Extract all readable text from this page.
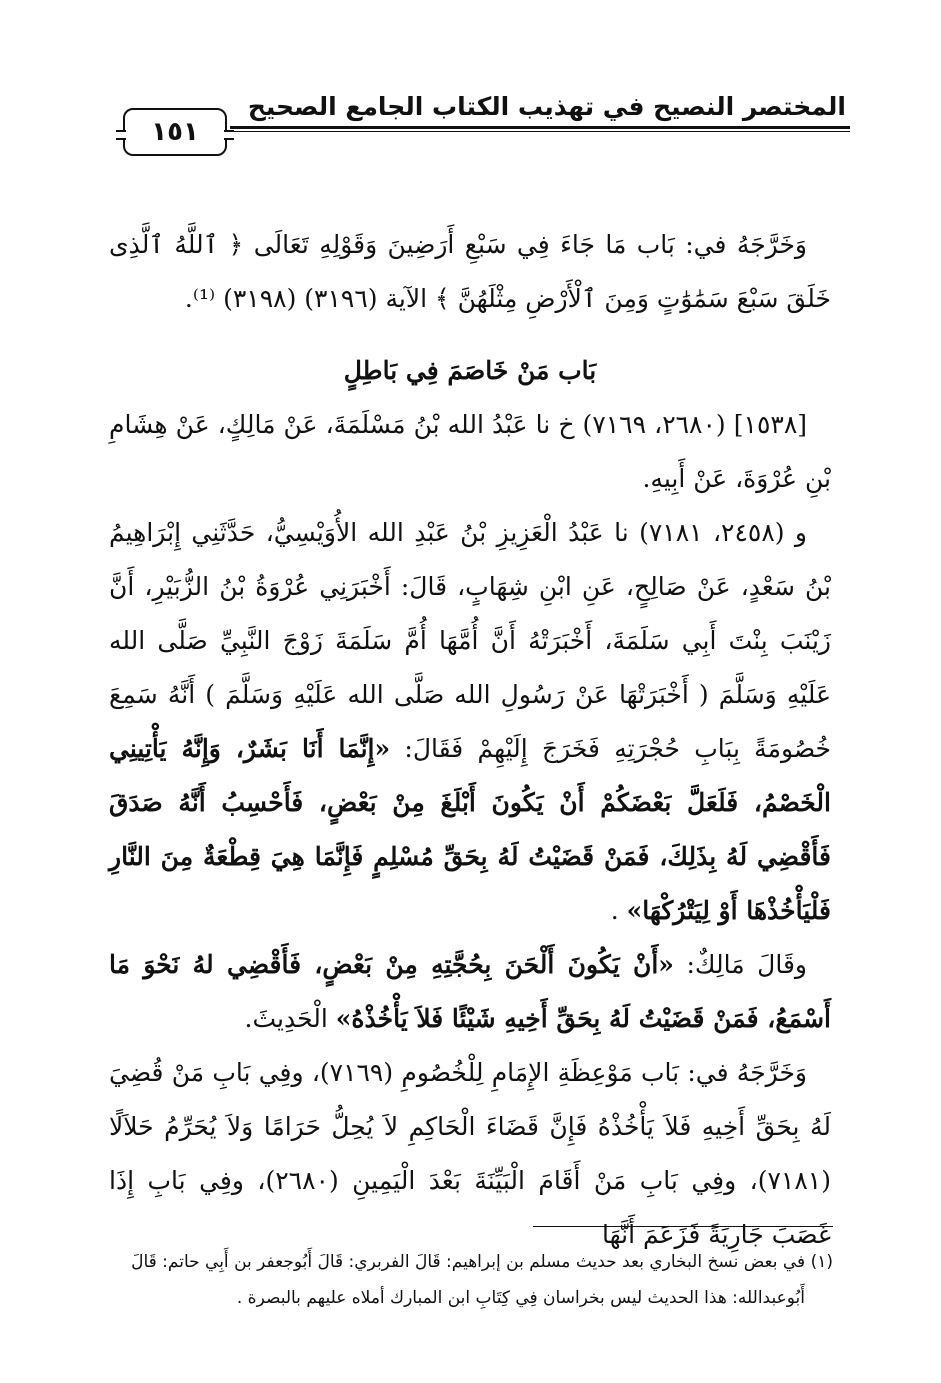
المختصر النصيح في تهذيب الكتاب الجامع الصحيح
١٥١

وَخَرَّجَهُ في: بَاب مَا جَاءَ فِي سَبْعِ أَرَضِينَ وَقَوْلِهِ تَعَالَى ﴿ ٱللَّهُ ٱلَّذِى خَلَقَ سَبْعَ سَمَٰوَٰتٍ وَمِنَ ٱلْأَرْضِ مِثْلَهُنَّ ﴾ الآية (٣١٩٦) (٣١٩٨) ⁽¹⁾.

بَاب مَنْ خَاصَمَ فِي بَاطِلٍ

[١٥٣٨] (٢٦٨٠، ٧١٦٩) خ نا عَبْدُ الله بْنُ مَسْلَمَةَ، عَنْ مَالِكٍ، عَنْ هِشَامِ بْنِ عُرْوَةَ، عَنْ أَبِيهِ.

و (٢٤٥٨، ٧١٨١) نا عَبْدُ الْعَزِيزِ بْنُ عَبْدِ الله الأُوَيْسِيُّ، حَدَّثَنِي إِبْرَاهِيمُ بْنُ سَعْدٍ، عَنْ صَالِحٍ، عَنِ ابْنِ شِهَابٍ، قَالَ: أَخْبَرَنِي عُرْوَةُ بْنُ الزُّبَيْرِ، أَنَّ زَيْنَبَ بِنْتَ أَبِي سَلَمَةَ، أَخْبَرَتْهُ أَنَّ أُمَّهَا أُمَّ سَلَمَةَ زَوْجَ النَّبِيِّ صَلَّى الله عَلَيْهِ وَسَلَّمَ ( أَخْبَرَتْهَا عَنْ رَسُولِ الله صَلَّى الله عَلَيْهِ وَسَلَّمَ ) أَنَّهُ سَمِعَ خُصُومَةً بِبَابِ حُجْرَتِهِ فَخَرَجَ إِلَيْهِمْ فَقَالَ: «إِنَّمَا أَنَا بَشَرٌ، وَإِنَّهُ يَأْتِينِي الْخَصْمُ، فَلَعَلَّ بَعْضَكُمْ أَنْ يَكُونَ أَبْلَغَ مِنْ بَعْضٍ، فَأَحْسِبُ أَنَّهُ صَدَقَ فَأَقْضِي لَهُ بِذَلِكَ، فَمَنْ قَضَيْتُ لَهُ بِحَقِّ مُسْلِمٍ فَإِنَّمَا هِيَ قِطْعَةٌ مِنَ النَّارِ فَلْيَأْخُذْهَا أَوْ لِيَتْرُكْهَا» .

وقَالَ مَالِكٌ: «أَنْ يَكُونَ أَلْحَنَ بِحُجَّتِهِ مِنْ بَعْضٍ، فَأَقْضِي لهُ نَحْوَ مَا أَسْمَعُ، فَمَنْ قَضَيْتُ لَهُ بِحَقِّ أَخِيهِ شَيْئًا فَلاَ يَأْخُذْهُ» الْحَدِيثَ.

وَخَرَّجَهُ في: بَاب مَوْعِظَةِ الإِمَامِ لِلْخُصُومِ (٧١٦٩)، وفِي بَابِ مَنْ قُضِيَ لَهُ بِحَقِّ أَخِيهِ فَلاَ يَأْخُذْهُ فَإِنَّ قَضَاءَ الْحَاكِمِ لاَ يُحِلُّ حَرَامًا وَلاَ يُحَرِّمُ حَلاَلًا (٧١٨١)، وفِي بَابِ مَنْ أَقَامَ الْبَيِّنَةَ بَعْدَ الْيَمِينِ (٢٦٨٠)، وفِي بَابِ إِذَا غَصَبَ جَارِيَةً فَزَعَمَ أَنَّهَا

(١) في بعض نسخ البخاري بعد حديث مسلم بن إبراهيم: قَالَ الفربري: قَالَ أَبُوجعفر بن أَبِي حاتم: قَالَ

أَبُوعبدالله: هذا الحديث ليس بخراسان فِي كِتَابِ ابن المبارك أملاه عليهم بالبصرة .
